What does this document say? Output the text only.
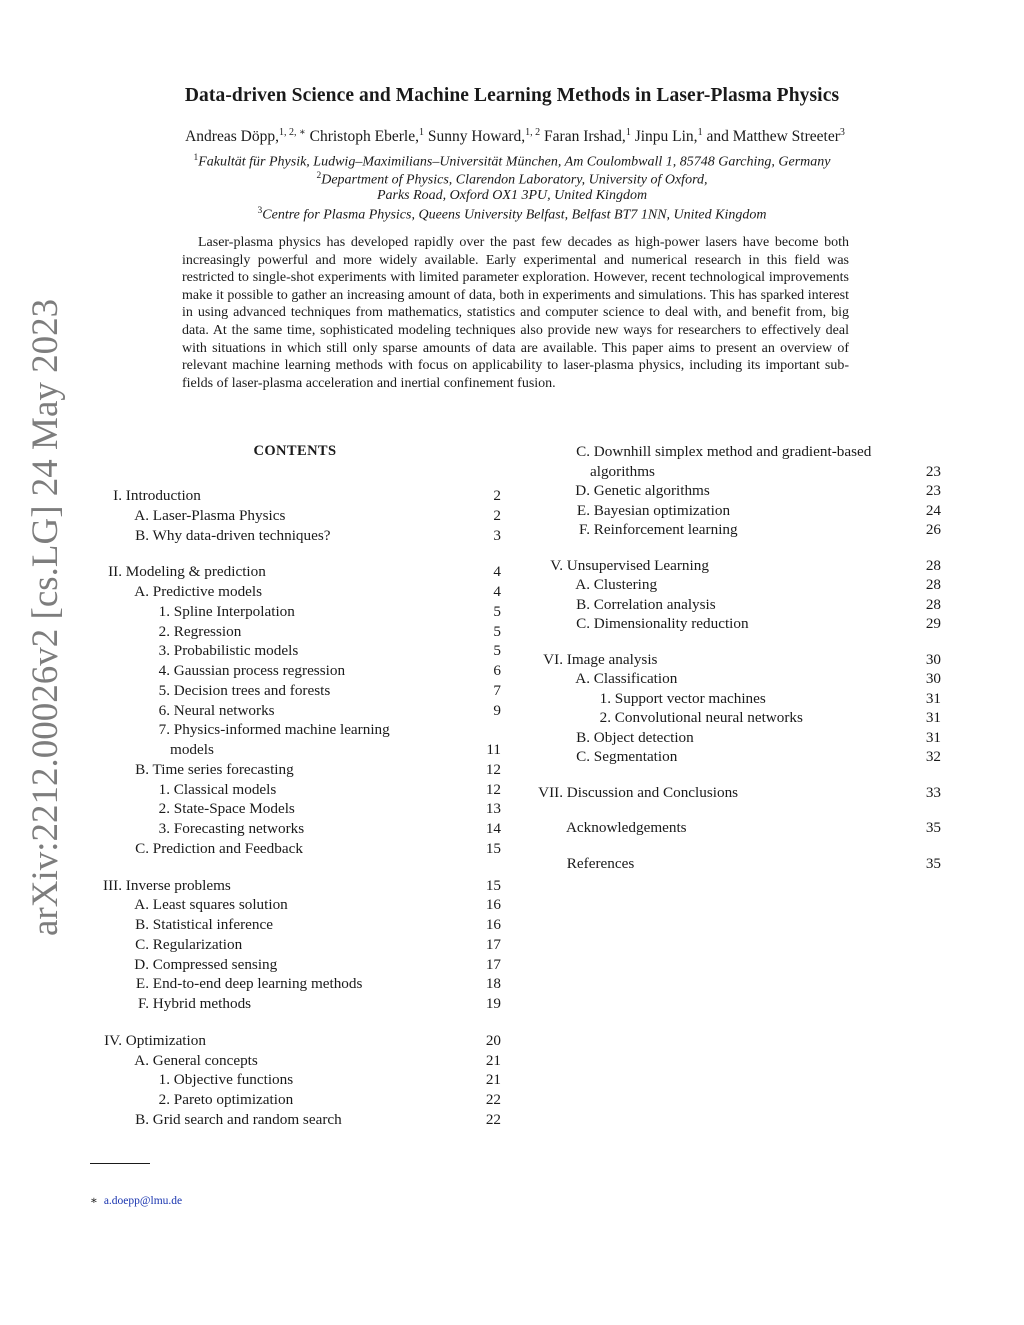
arXiv:2212.00026v2 [cs.LG] 24 May 2023
Data-driven Science and Machine Learning Methods in Laser-Plasma Physics
Andreas Döpp,$^{1, 2, ∗}$ Christoph Eberle,$^1$ Sunny Howard,$^{1, 2}$ Faran Irshad,$^1$ Jinpu Lin,$^1$ and Matthew Streeter$^3$
$^1$Fakultät für Physik, Ludwig–Maximilians–Universität München, Am Coulombwall 1, 85748 Garching, Germany
$^2$Department of Physics, Clarendon Laboratory, University of Oxford,
Parks Road, Oxford OX1 3PU, United Kingdom
$^3$Centre for Plasma Physics, Queens University Belfast, Belfast BT7 1NN, United Kingdom
Laser-plasma physics has developed rapidly over the past few decades as high-power lasers have become both increasingly powerful and more widely available. Early experimental and numerical research in this field was restricted to single-shot experiments with limited parameter exploration. However, recent technological improvements make it possible to gather an increasing amount of data, both in experiments and simulations. This has sparked interest in using advanced techniques from mathematics, statistics and computer science to deal with, and benefit from, big data. At the same time, sophisticated modeling techniques also provide new ways for researchers to effectively deal with situations in which still only sparse amounts of data are available. This paper aims to present an overview of relevant machine learning methods with focus on applicability to laser-plasma physics, including its important sub-fields of laser-plasma acceleration and inertial confinement fusion.
CONTENTS
I. Introduction	2
A. Laser-Plasma Physics	2
B. Why data-driven techniques?	3
II. Modeling & prediction	4
A. Predictive models	4
1. Spline Interpolation	5
2. Regression	5
3. Probabilistic models	5
4. Gaussian process regression	6
5. Decision trees and forests	7
6. Neural networks	9
7. Physics-informed machine learning
models	11
B. Time series forecasting	12
1. Classical models	12
2. State-Space Models	13
3. Forecasting networks	14
C. Prediction and Feedback	15
III. Inverse problems	15
A. Least squares solution	16
B. Statistical inference	16
C. Regularization	17
D. Compressed sensing	17
E. End-to-end deep learning methods	18
F. Hybrid methods	19
IV. Optimization	20
A. General concepts	21
1. Objective functions	21
2. Pareto optimization	22
B. Grid search and random search	22
C. Downhill simplex method and gradient-based
algorithms	23
D. Genetic algorithms	23
E. Bayesian optimization	24
F. Reinforcement learning	26
V. Unsupervised Learning	28
A. Clustering	28
B. Correlation analysis	28
C. Dimensionality reduction	29
VI. Image analysis	30
A. Classification	30
1. Support vector machines	31
2. Convolutional neural networks	31
B. Object detection	31
C. Segmentation	32
VII. Discussion and Conclusions	33
Acknowledgements	35
References	35
∗ a.doepp@lmu.de
